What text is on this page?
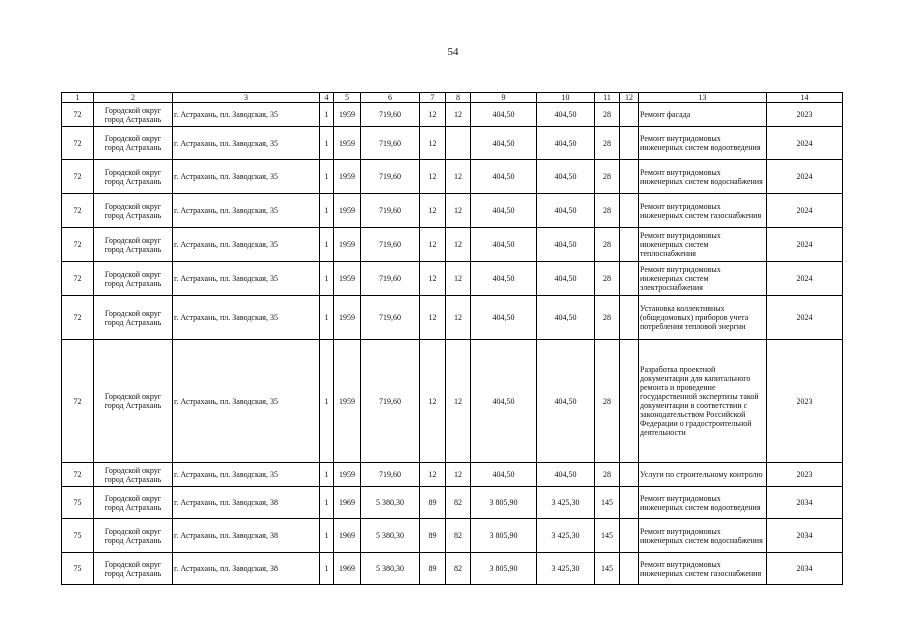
54
1	2	3	4	5	6	7	8	9	10	11	12	13	14
72	Городской округ город Астрахань	г. Астрахань, пл. Заводская, 35	1	1959	719,60	12	12	404,50	404,50	28		Ремонт фасада	2023
72	Городской округ город Астрахань	г. Астрахань, пл. Заводская, 35	1	1959	719,60	12		404,50	404,50	28		Ремонт внутридомовых инженерных систем водоотведения	2024
72	Городской округ город Астрахань	г. Астрахань, пл. Заводская, 35	1	1959	719,60	12	12	404,50	404,50	28		Ремонт внутридомовых инженерных систем водоснабжения	2024
72	Городской округ город Астрахань	г. Астрахань, пл. Заводская, 35	1	1959	719,60	12	12	404,50	404,50	28		Ремонт внутридомовых инженерных систем газоснабжения	2024
72	Городской округ город Астрахань	г. Астрахань, пл. Заводская, 35	1	1959	719,60	12	12	404,50	404,50	28		Ремонт внутридомовых инженерных систем теплоснабжения	2024
72	Городской округ город Астрахань	г. Астрахань, пл. Заводская, 35	1	1959	719,60	12	12	404,50	404,50	28		Ремонт внутридомовых инженерных систем электроснабжения	2024
72	Городской округ город Астрахань	г. Астрахань, пл. Заводская, 35	1	1959	719,60	12	12	404,50	404,50	28		Установка коллективных (общедомовых) приборов учета потребления тепловой энергии	2024
72	Городской округ город Астрахань	г. Астрахань, пл. Заводская, 35	1	1959	719,60	12	12	404,50	404,50	28		Разработка проектной документации для капитального ремонта и проведение государственной экспертизы такой документации в соответствии с законодательством Российской Федерации о градостроительной деятельности	2023
72	Городской округ город Астрахань	г. Астрахань, пл. Заводская, 35	1	1959	719,60	12	12	404,50	404,50	28		Услуги по строительному контролю	2023
75	Городской округ город Астрахань	г. Астрахань, пл. Заводская, 38	1	1969	5 380,30	89	82	3 805,90	3 425,30	145		Ремонт внутридомовых инженерных систем водоотведения	2034
75	Городской округ город Астрахань	г. Астрахань, пл. Заводская, 38	1	1969	5 380,30	89	82	3 805,90	3 425,30	145		Ремонт внутридомовых инженерных систем водоснабжения	2034
75	Городской округ город Астрахань	г. Астрахань, пл. Заводская, 38	1	1969	5 380,30	89	82	3 805,90	3 425,30	145		Ремонт внутридомовых инженерных систем газоснабжения	2034
